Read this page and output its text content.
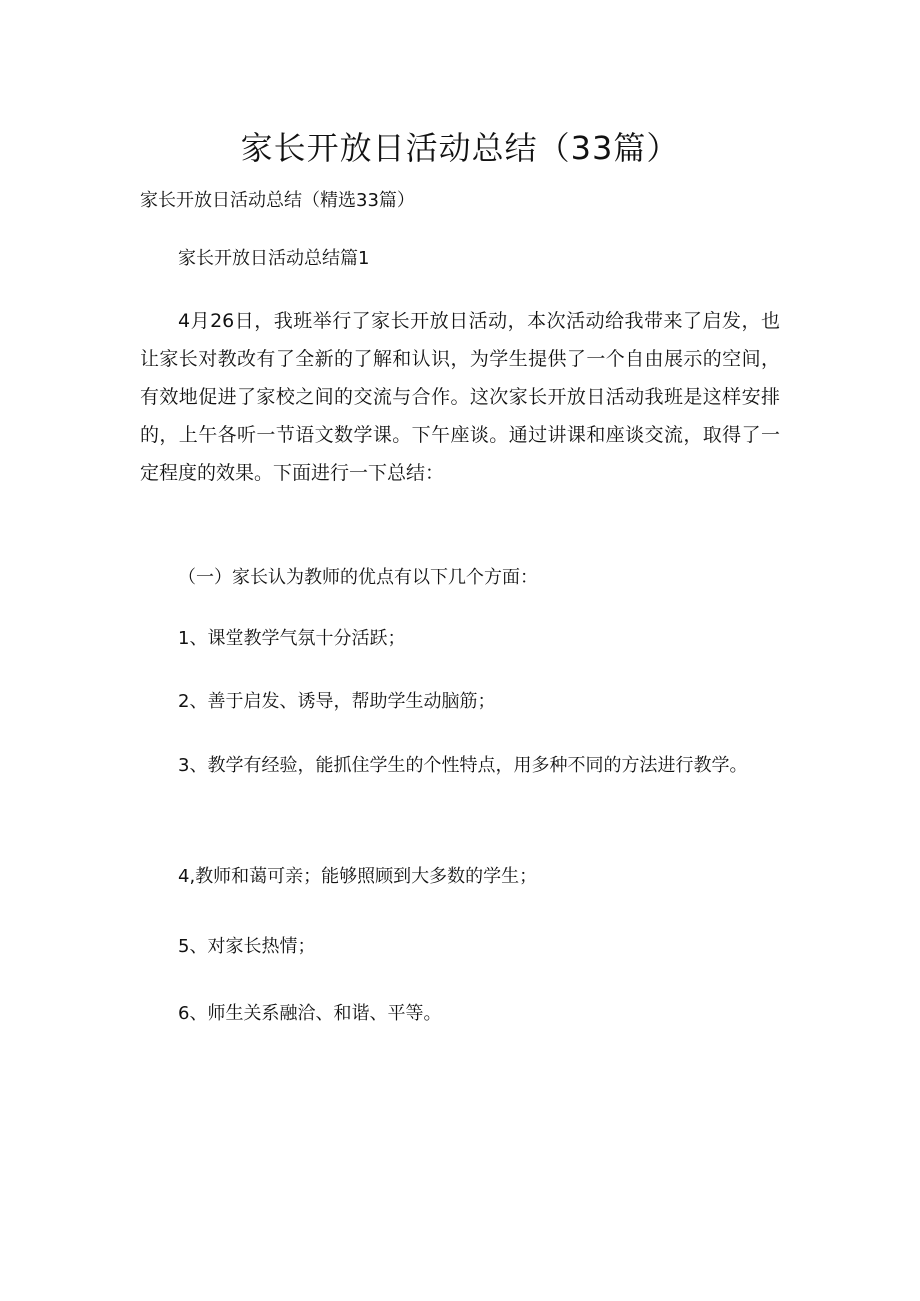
家长开放日活动总结（33篇）

家长开放日活动总结（精选33篇）

家长开放日活动总结篇1

4月26日，我班举行了家长开放日活动，本次活动给我带来了启发，也让家长对教改有了全新的了解和认识，为学生提供了一个自由展示的空间，有效地促进了家校之间的交流与合作。这次家长开放日活动我班是这样安排的，上午各听一节语文数学课。下午座谈。通过讲课和座谈交流，取得了一定程度的效果。下面进行一下总结：

（一）家长认为教师的优点有以下几个方面：

1、课堂教学气氛十分活跃；

2、善于启发、诱导，帮助学生动脑筋；

3、教学有经验，能抓住学生的个性特点，用多种不同的方法进行教学。

4,教师和蔼可亲；能够照顾到大多数的学生；

5、对家长热情；

6、师生关系融洽、和谐、平等。
